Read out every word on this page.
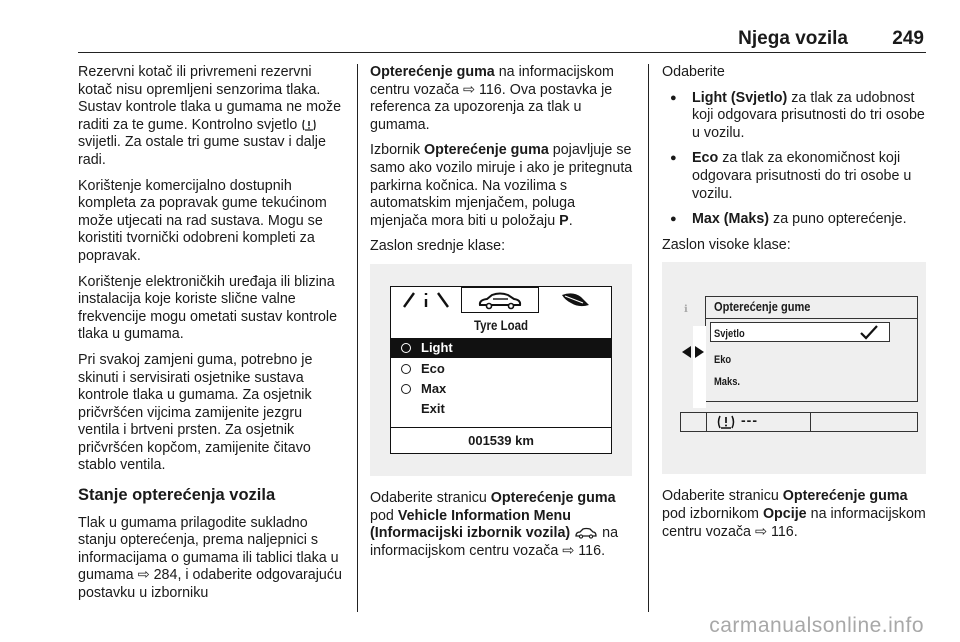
Njega vozila 249

Rezervni kotač ili privremeni rezervni kotač nisu opremljeni senzorima tlaka. Sustav kontrole tlaka u gumama ne može raditi za te gume. Kontrolno svjetlo  svijetli. Za ostale tri gume sustav i dalje radi.

Korištenje komercijalno dostupnih kompleta za popravak gume tekućinom može utjecati na rad sustava. Mogu se koristiti tvornički odobreni kompleti za popravak.

Korištenje elektroničkih uređaja ili blizina instalacija koje koriste slične valne frekvencije mogu ometati sustav kontrole tlaka u gumama.

Pri svakoj zamjeni guma, potrebno je skinuti i servisirati osjetnike sustava kontrole tlaka u gumama. Za osjetnik pričvršćen vijcima zamijenite jezgru ventila i brtveni prsten. Za osjetnik pričvršćen kopčom, zamijenite čitavo stablo ventila.

Stanje opterećenja vozila

Tlak u gumama prilagodite sukladno stanju opterećenja, prema naljepnici s informacijama o gumama ili tablici tlaka u gumama ⇨ 284, i odaberite odgovarajuću postavku u izborniku

Opterećenje guma na informacijskom centru vozača ⇨ 116. Ova postavka je referenca za upozorenja za tlak u gumama.

Izbornik Opterećenje guma pojavljuje se samo ako vozilo miruje i ako je pritegnuta parkirna kočnica. Na vozilima s automatskim mjenjačem, poluga mjenjača mora biti u položaju P.

Zaslon srednje klase:

Tyre Load
Light
Eco
Max
Exit
001539 km

Odaberite stranicu Opterećenje guma pod Vehicle Information Menu (Informacijski izbornik vozila)  na informacijskom centru vozača ⇨ 116.

Odaberite

● Light (Svjetlo) za tlak za udobnost koji odgovara prisutnosti do tri osobe u vozilu.
● Eco za tlak za ekonomičnost koji odgovara prisutnosti do tri osobe u vozilu.
● Max (Maks) za puno opterećenje.

Zaslon visoke klase:

ℹ Opterećenje gume
Svjetlo
Eko
Maks.
---

Odaberite stranicu Opterećenje guma pod izbornikom Opcije na informacijskom centru vozača ⇨ 116.

carmanualsonline.info
